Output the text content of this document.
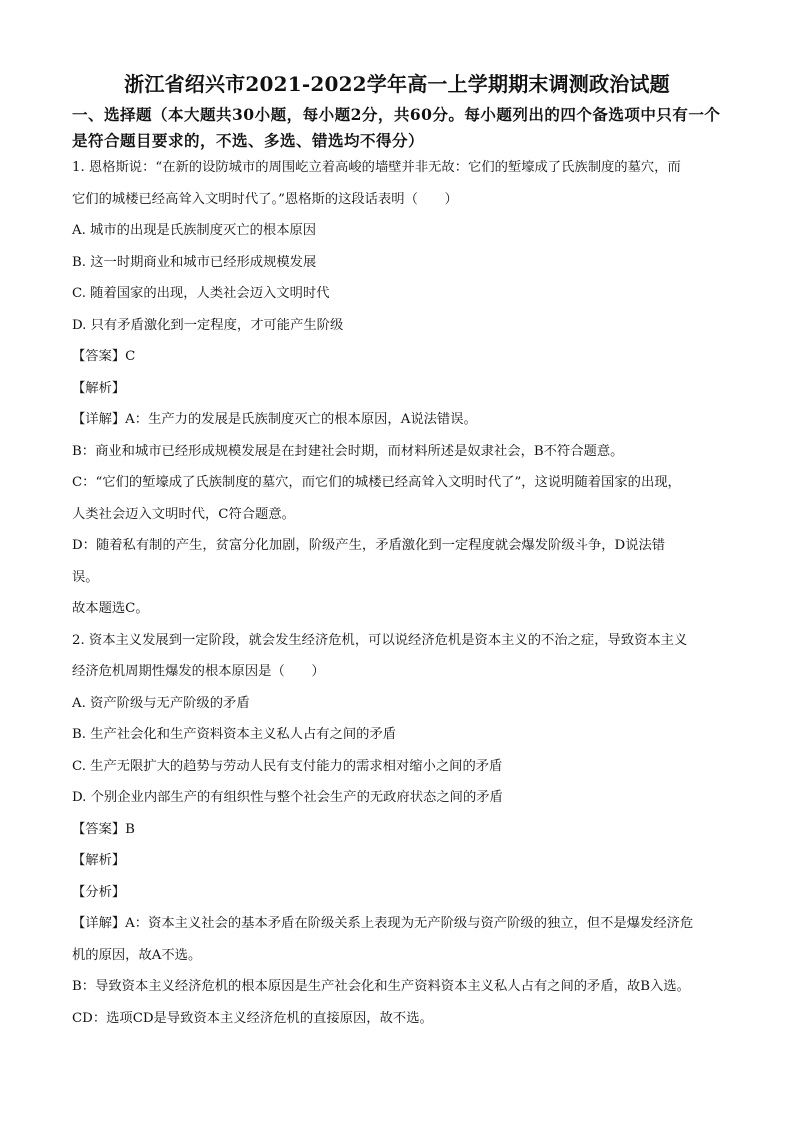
浙江省绍兴市2021-2022学年高一上学期期末调测政治试题
一、选择题（本大题共30小题，每小题2分，共60分。每小题列出的四个备选项中只有一个是符合题目要求的，不选、多选、错选均不得分）
1. 恩格斯说：“在新的设防城市的周围屹立着高峻的墙壁并非无故：它们的堑壕成了氏族制度的墓穴，而
它们的城楼已经高耸入文明时代了。”恩格斯的这段话表明（　　）
A. 城市的出现是氏族制度灭亡的根本原因
B. 这一时期商业和城市已经形成规模发展
C. 随着国家的出现，人类社会迈入文明时代
D. 只有矛盾激化到一定程度，才可能产生阶级
【答案】C
【解析】
【详解】A：生产力的发展是氏族制度灭亡的根本原因，A说法错误。
B：商业和城市已经形成规模发展是在封建社会时期，而材料所述是奴隶社会，B不符合题意。
C：“它们的堑壕成了氏族制度的墓穴，而它们的城楼已经高耸入文明时代了”，这说明随着国家的出现，
人类社会迈入文明时代，C符合题意。
D：随着私有制的产生，贫富分化加剧，阶级产生，矛盾激化到一定程度就会爆发阶级斗争，D说法错
误。
故本题选C。
2. 资本主义发展到一定阶段，就会发生经济危机，可以说经济危机是资本主义的不治之症，导致资本主义
经济危机周期性爆发的根本原因是（　　）
A. 资产阶级与无产阶级的矛盾
B. 生产社会化和生产资料资本主义私人占有之间的矛盾
C. 生产无限扩大的趋势与劳动人民有支付能力的需求相对缩小之间的矛盾
D. 个别企业内部生产的有组织性与整个社会生产的无政府状态之间的矛盾
【答案】B
【解析】
【分析】
【详解】A：资本主义社会的基本矛盾在阶级关系上表现为无产阶级与资产阶级的独立，但不是爆发经济危
机的原因，故A不选。
B：导致资本主义经济危机的根本原因是生产社会化和生产资料资本主义私人占有之间的矛盾，故B入选。
CD：选项CD是导致资本主义经济危机的直接原因，故不选。
